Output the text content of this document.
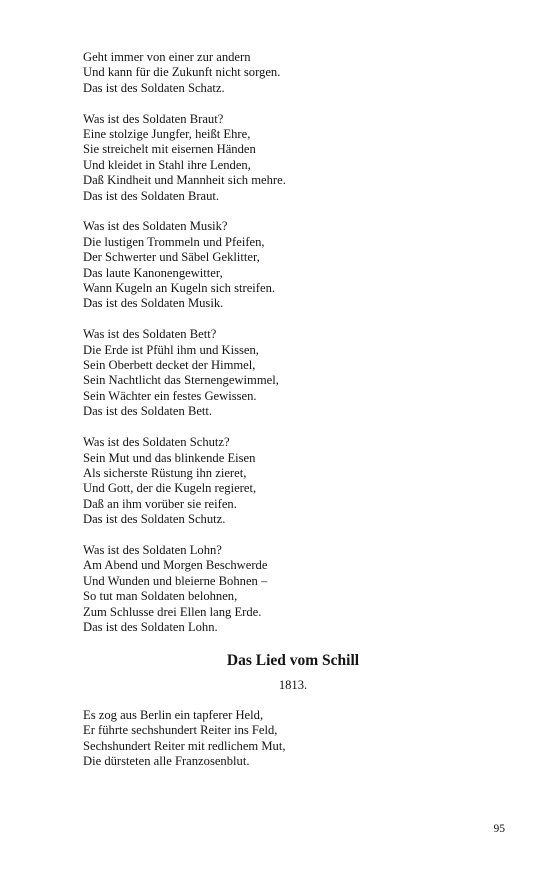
Geht immer von einer zur andern
Und kann für die Zukunft nicht sorgen.
Das ist des Soldaten Schatz.

Was ist des Soldaten Braut?
Eine stolzige Jungfer, heißt Ehre,
Sie streichelt mit eisernen Händen
Und kleidet in Stahl ihre Lenden,
Daß Kindheit und Mannheit sich mehre.
Das ist des Soldaten Braut.

Was ist des Soldaten Musik?
Die lustigen Trommeln und Pfeifen,
Der Schwerter und Säbel Geklitter,
Das laute Kanonengewitter,
Wann Kugeln an Kugeln sich streifen.
Das ist des Soldaten Musik.

Was ist des Soldaten Bett?
Die Erde ist Pfühl ihm und Kissen,
Sein Oberbett decket der Himmel,
Sein Nachtlicht das Sternengewimmel,
Sein Wächter ein festes Gewissen.
Das ist des Soldaten Bett.

Was ist des Soldaten Schutz?
Sein Mut und das blinkende Eisen
Als sicherste Rüstung ihn zieret,
Und Gott, der die Kugeln regieret,
Daß an ihm vorüber sie reifen.
Das ist des Soldaten Schutz.

Was ist des Soldaten Lohn?
Am Abend und Morgen Beschwerde
Und Wunden und bleierne Bohnen –
So tut man Soldaten belohnen,
Zum Schlusse drei Ellen lang Erde.
Das ist des Soldaten Lohn.

Das Lied vom Schill
1813.

Es zog aus Berlin ein tapferer Held,
Er führte sechshundert Reiter ins Feld,
Sechshundert Reiter mit redlichem Mut,
Die dürsteten alle Franzosenblut.

95
